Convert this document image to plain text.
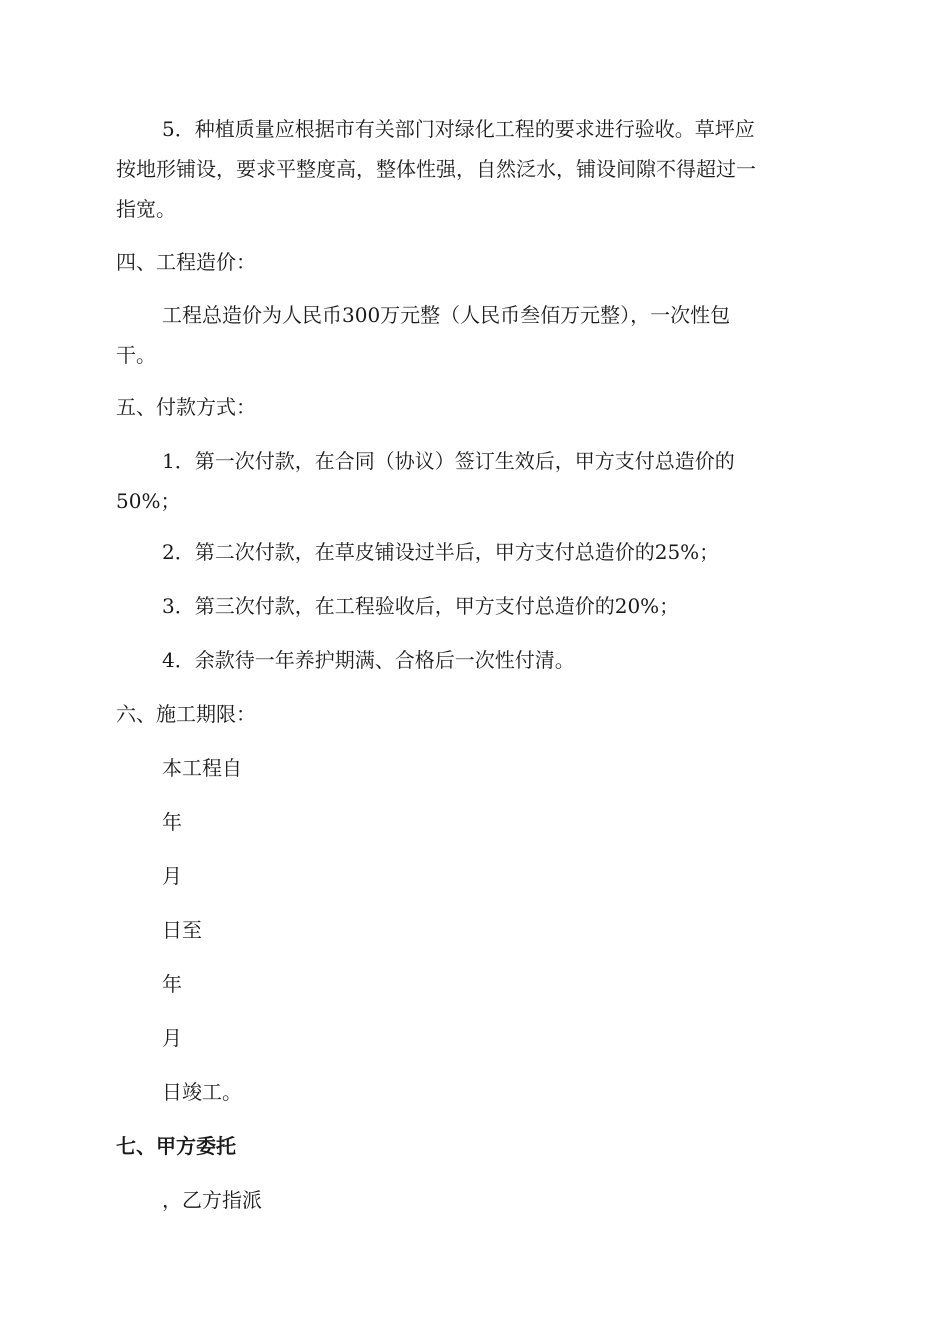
5．种植质量应根据市有关部门对绿化工程的要求进行验收。草坪应
按地形铺设，要求平整度高，整体性强，自然泛水，铺设间隙不得超过一
指宽。

四、工程造价：

工程总造价为人民币300万元整（人民币叁佰万元整），一次性包
干。

五、付款方式：

1．第一次付款，在合同（协议）签订生效后，甲方支付总造价的
50%；

2．第二次付款，在草皮铺设过半后，甲方支付总造价的25%；

3．第三次付款，在工程验收后，甲方支付总造价的20%；

4．余款待一年养护期满、合格后一次性付清。

六、施工期限：

本工程自

年

月

日至

年

月

日竣工。

七、甲方委托

，乙方指派
